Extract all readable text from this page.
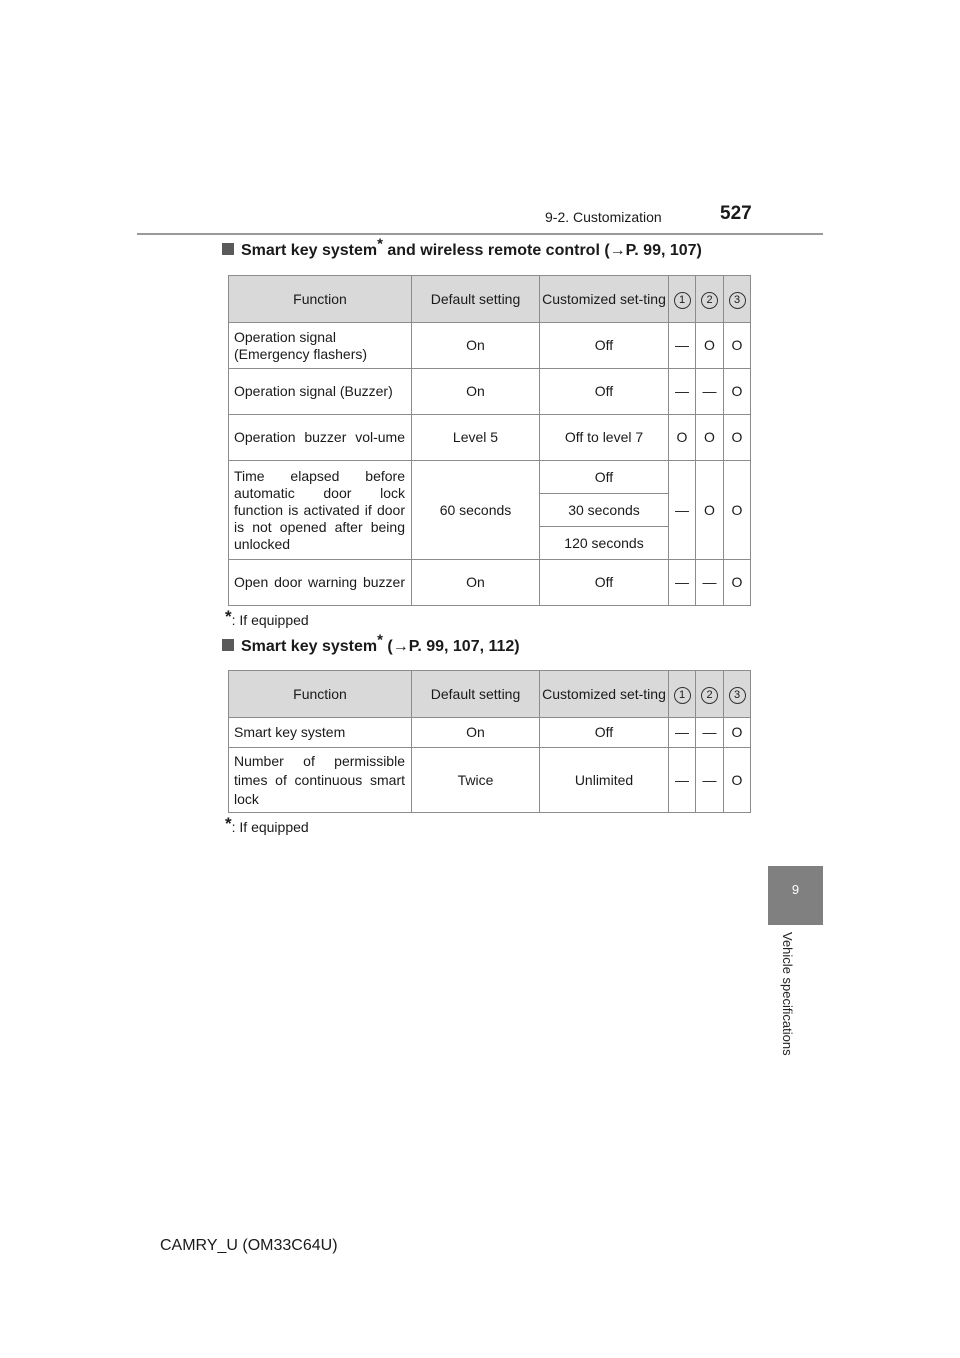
9-2. Customization	527
Smart key system* and wireless remote control (→P. 99, 107)
Function	Default setting	Customized set-ting	1	2	3
Operation signal (Emergency flashers)	On	Off	—	O	O
Operation signal (Buzzer)	On	Off	—	—	O
Operation buzzer vol-ume	Level 5	Off to level 7	O	O	O
Time elapsed before automatic door lock function is activated if door is not opened after being unlocked	60 seconds	Off	—	O	O
		30 seconds			
		120 seconds			
Open door warning buzzer	On	Off	—	—	O
*: If equipped
Smart key system* (→P. 99, 107, 112)
Function	Default setting	Customized set-ting	1	2	3
Smart key system	On	Off	—	—	O
Number of permissible times of continuous smart lock	Twice	Unlimited	—	—	O
*: If equipped
9
Vehicle specifications
CAMRY_U (OM33C64U)
